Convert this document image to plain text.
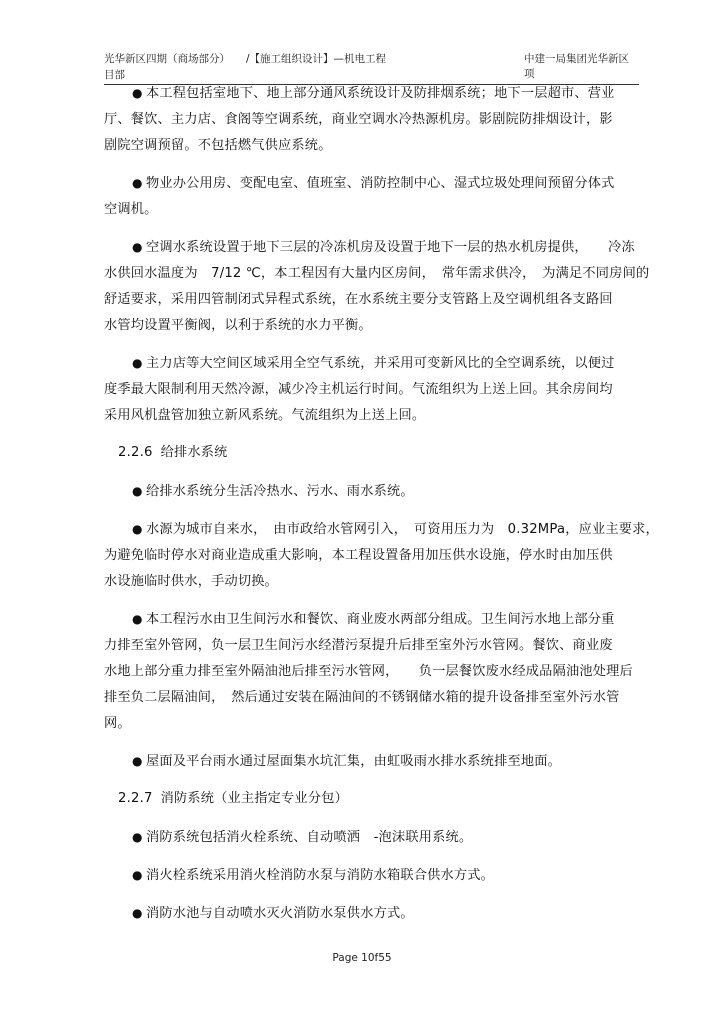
光华新区四期（商场部分） /【施工组织设计】—机电工程	中建一局集团光华新区项
目部
● 本工程包括室地下、地上部分通风系统设计及防排烟系统；地下一层超市、营业
厅、餐饮、主力店、食阁等空调系统，商业空调水冷热源机房。影剧院防排烟设计，影
剧院空调预留。不包括燃气供应系统。
● 物业办公用房、变配电室、值班室、消防控制中心、湿式垃圾处理间预留分体式
空调机。
● 空调水系统设置于地下三层的冷冻机房及设置于地下一层的热水机房提供，　　冷冻
水供回水温度为　7/12 ℃，本工程因有大量内区房间，　常年需求供冷，　为满足不同房间的
舒适要求，采用四管制闭式异程式系统，在水系统主要分支管路上及空调机组各支路回
水管均设置平衡阀，以利于系统的水力平衡。
● 主力店等大空间区域采用全空气系统，并采用可变新风比的全空调系统，以便过
度季最大限制利用天然冷源，减少冷主机运行时间。气流组织为上送上回。其余房间均
采用风机盘管加独立新风系统。气流组织为上送上回。
2.2.6 给排水系统
● 给排水系统分生活冷热水、污水、雨水系统。
● 水源为城市自来水，　由市政给水管网引入，　可资用压力为　0.32MPa，应业主要求，
为避免临时停水对商业造成重大影响，本工程设置备用加压供水设施，停水时由加压供
水设施临时供水，手动切换。
● 本工程污水由卫生间污水和餐饮、商业废水两部分组成。卫生间污水地上部分重
力排至室外管网，负一层卫生间污水经潜污泵提升后排至室外污水管网。餐饮、商业废
水地上部分重力排至室外隔油池后排至污水管网，　　负一层餐饮废水经成品隔油池处理后
排至负二层隔油间，　然后通过安装在隔油间的不锈钢储水箱的提升设备排至室外污水管
网。
● 屋面及平台雨水通过屋面集水坑汇集，由虹吸雨水排水系统排至地面。
2.2.7 消防系统（业主指定专业分包）
● 消防系统包括消火栓系统、自动喷洒　-泡沫联用系统。
● 消火栓系统采用消火栓消防水泵与消防水箱联合供水方式。
● 消防水池与自动喷水灭火消防水泵供水方式。
Page 10f55
